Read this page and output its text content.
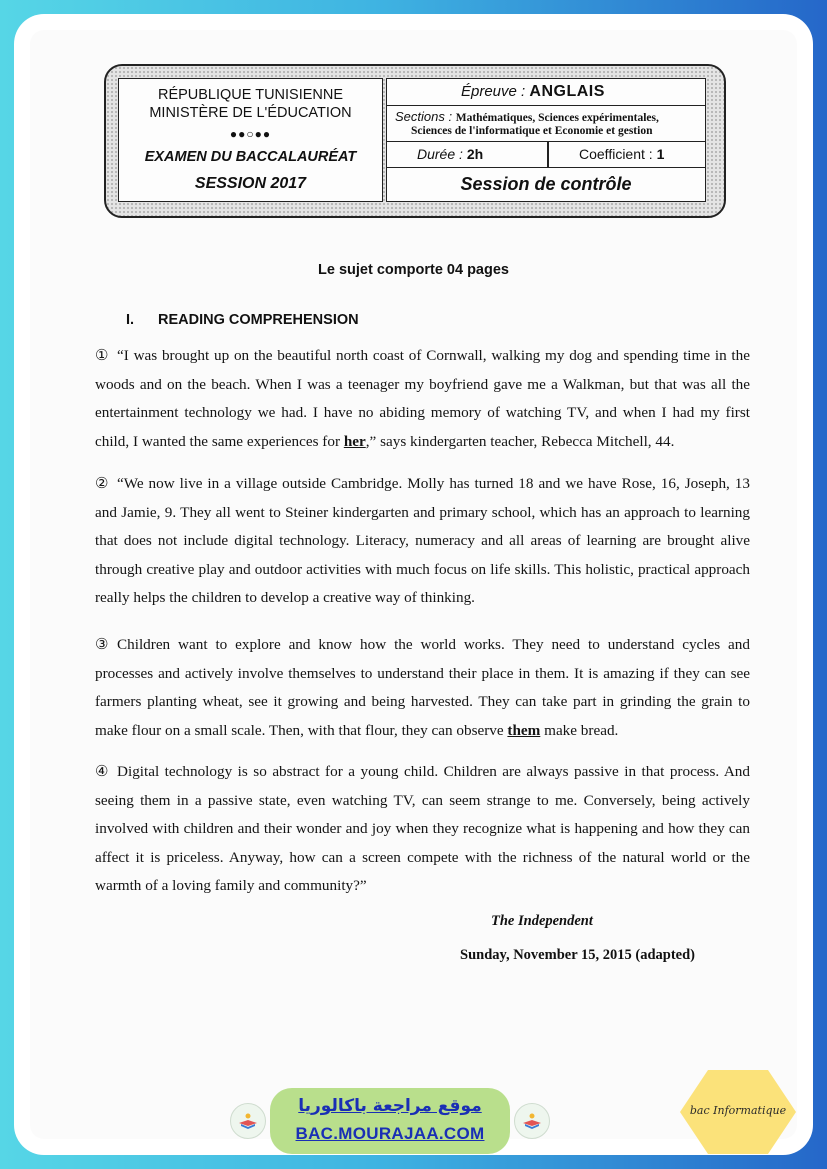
RÉPUBLIQUE TUNISIENNE
MINISTÈRE DE L'ÉDUCATION
●●○●●
EXAMEN DU BACCALAURÉAT
SESSION 2017
Épreuve : ANGLAIS
Sections : Mathématiques, Sciences expérimentales,
Sciences de l'informatique et Economie et gestion
Durée : 2h	Coefficient : 1
Session de contrôle
Le sujet comporte 04 pages
I. READING COMPREHENSION

① “I was brought up on the beautiful north coast of Cornwall, walking my dog and spending time in the woods and on the beach. When I was a teenager my boyfriend gave me a Walkman, but that was all the entertainment technology we had. I have no abiding memory of watching TV, and when I had my first child, I wanted the same experiences for her,” says kindergarten teacher, Rebecca Mitchell, 44.

② “We now live in a village outside Cambridge. Molly has turned 18 and we have Rose, 16, Joseph, 13 and Jamie, 9. They all went to Steiner kindergarten and primary school, which has an approach to learning that does not include digital technology. Literacy, numeracy and all areas of learning are brought alive through creative play and outdoor activities with much focus on life skills. This holistic, practical approach really helps the children to develop a creative way of thinking.

③ Children want to explore and know how the world works. They need to understand cycles and processes and actively involve themselves to understand their place in them. It is amazing if they can see farmers planting wheat, see it growing and being harvested. They can take part in grinding the grain to make flour on a small scale. Then, with that flour, they can observe them make bread.

④ Digital technology is so abstract for a young child. Children are always passive in that process. And seeing them in a passive state, even watching TV, can seem strange to me. Conversely, being actively involved with children and their wonder and joy when they recognize what is happening and how they can affect it is priceless. Anyway, how can a screen compete with the richness of the natural world or the warmth of a loving family and community?”

The Independent
Sunday, November 15, 2015 (adapted)
موقع مراجعة باكالوريا
BAC.MOURAJAA.COM
bac Informatique
